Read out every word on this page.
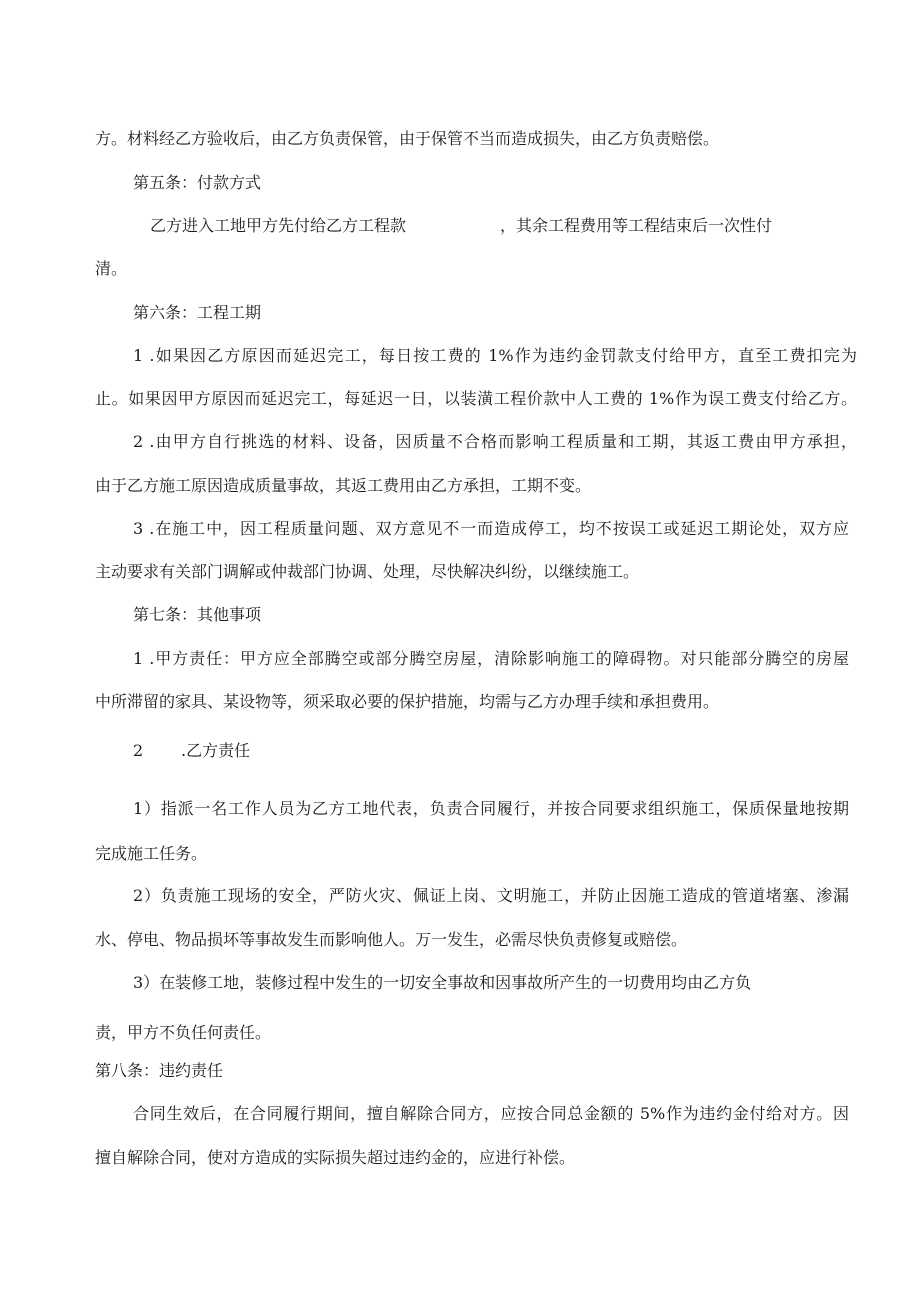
方。材料经乙方验收后，由乙方负责保管，由于保管不当而造成损失，由乙方负责赔偿。

第五条：付款方式

乙方进入工地甲方先付给乙方工程款	，其余工程费用等工程结束后一次性付

清。

第六条：工程工期

1 .如果因乙方原因而延迟完工，每日按工费的 1%作为违约金罚款支付给甲方，直至工费扣完为

止。如果因甲方原因而延迟完工，每延迟一日，以装潢工程价款中人工费的 1%作为误工费支付给乙方。

2 .由甲方自行挑选的材料、设备，因质量不合格而影响工程质量和工期，其返工费由甲方承担，

由于乙方施工原因造成质量事故，其返工费用由乙方承担，工期不变。

3 .在施工中，因工程质量问题、双方意见不一而造成停工，均不按误工或延迟工期论处，双方应

主动要求有关部门调解或仲裁部门协调、处理，尽快解决纠纷，以继续施工。

第七条：其他事项

1 .甲方责任：甲方应全部腾空或部分腾空房屋，清除影响施工的障碍物。对只能部分腾空的房屋

中所滞留的家具、某设物等，须采取必要的保护措施，均需与乙方办理手续和承担费用。

2 .乙方责任

1）指派一名工作人员为乙方工地代表，负责合同履行，并按合同要求组织施工，保质保量地按期

完成施工任务。

2）负责施工现场的安全，严防火灾、佩证上岗、文明施工，并防止因施工造成的管道堵塞、渗漏

水、停电、物品损坏等事故发生而影响他人。万一发生，必需尽快负责修复或赔偿。

3）在装修工地，装修过程中发生的一切安全事故和因事故所产生的一切费用均由乙方负

责，甲方不负任何责任。

第八条：违约责任

合同生效后，在合同履行期间，擅自解除合同方，应按合同总金额的 5%作为违约金付给对方。因

擅自解除合同，使对方造成的实际损失超过违约金的，应进行补偿。
